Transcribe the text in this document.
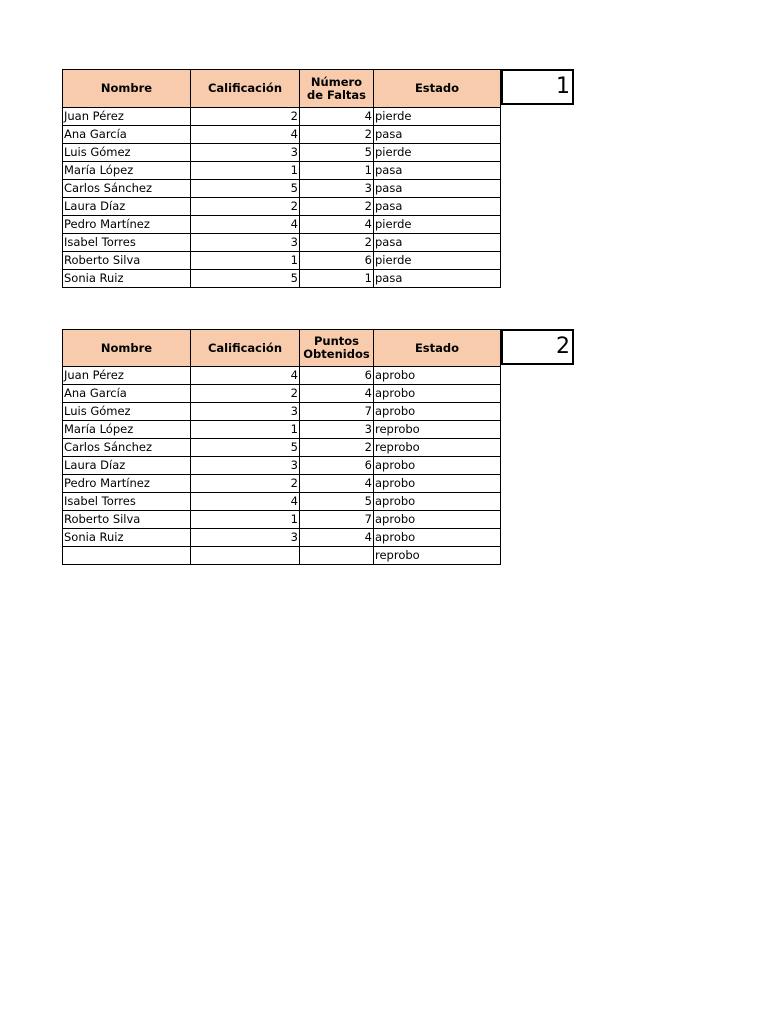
Nombre	Calificación	Número de Faltas	Estado
Juan Pérez	2	4	pierde
Ana García	4	2	pasa
Luis Gómez	3	5	pierde
María López	1	1	pasa
Carlos Sánchez	5	3	pasa
Laura Díaz	2	2	pasa
Pedro Martínez	4	4	pierde
Isabel Torres	3	2	pasa
Roberto Silva	1	6	pierde
Sonia Ruiz	5	1	pasa
1
Nombre	Calificación	Puntos Obtenidos	Estado
Juan Pérez	4	6	aprobo
Ana García	2	4	aprobo
Luis Gómez	3	7	aprobo
María López	1	3	reprobo
Carlos Sánchez	5	2	reprobo
Laura Díaz	3	6	aprobo
Pedro Martínez	2	4	aprobo
Isabel Torres	4	5	aprobo
Roberto Silva	1	7	aprobo
Sonia Ruiz	3	4	aprobo
			reprobo
2
